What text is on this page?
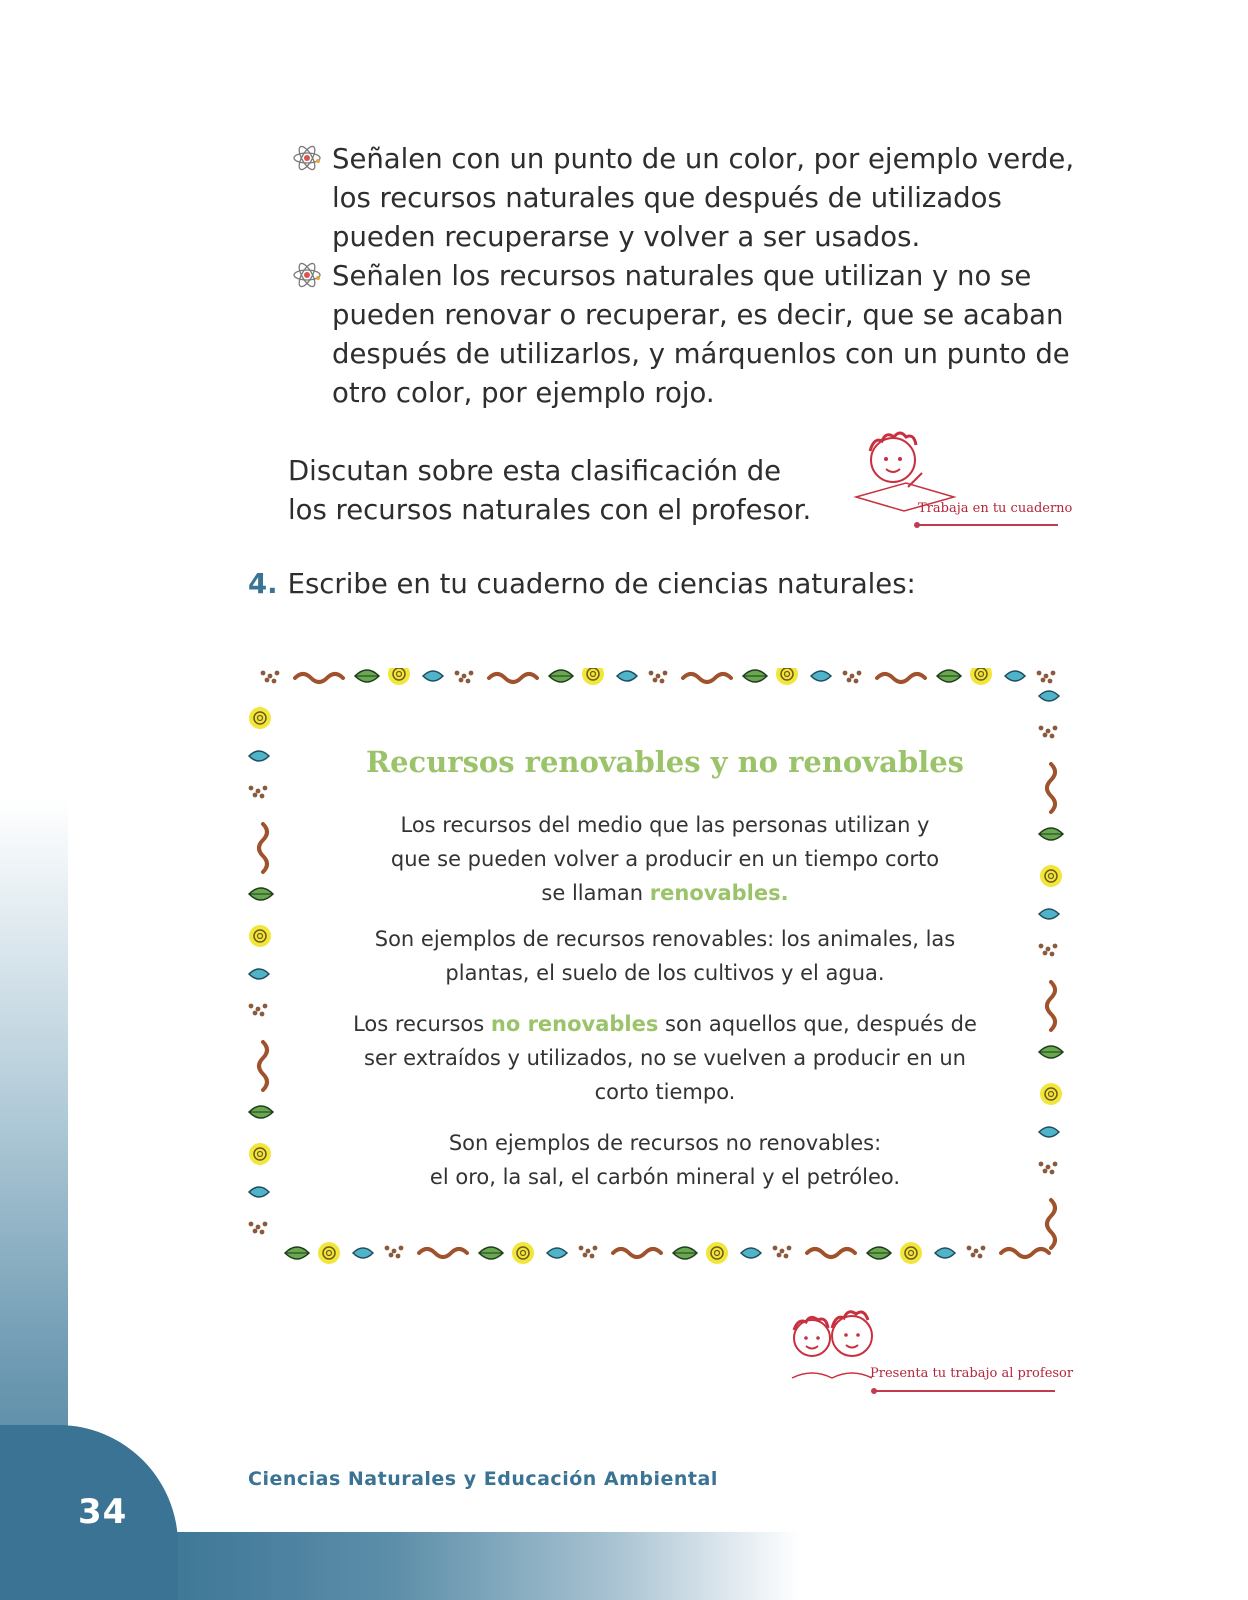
34
Ciencias Naturales y Educación Ambiental
Señalen con un punto de un color, por ejemplo verde, los recursos naturales que después de utilizados pueden recuperarse y volver a ser usados.
Señalen los recursos naturales que utilizan y no se pueden renovar o recuperar, es decir, que se acaban después de utilizarlos, y márquenlos con un punto de otro color, por ejemplo rojo.
Discutan sobre esta clasificación de los recursos naturales con el profesor.	Trabaja en tu cuaderno
4. Escribe en tu cuaderno de ciencias naturales:
Recursos renovables y no renovables
Los recursos del medio que las personas utilizan y
que se pueden volver a producir en un tiempo corto
se llaman renovables.
Son ejemplos de recursos renovables: los animales, las
plantas, el suelo de los cultivos y el agua.
Los recursos no renovables son aquellos que, después de
ser extraídos y utilizados, no se vuelven a producir en un
corto tiempo.
Son ejemplos de recursos no renovables:
el oro, la sal, el carbón mineral y el petróleo.
Presenta tu trabajo al profesor
